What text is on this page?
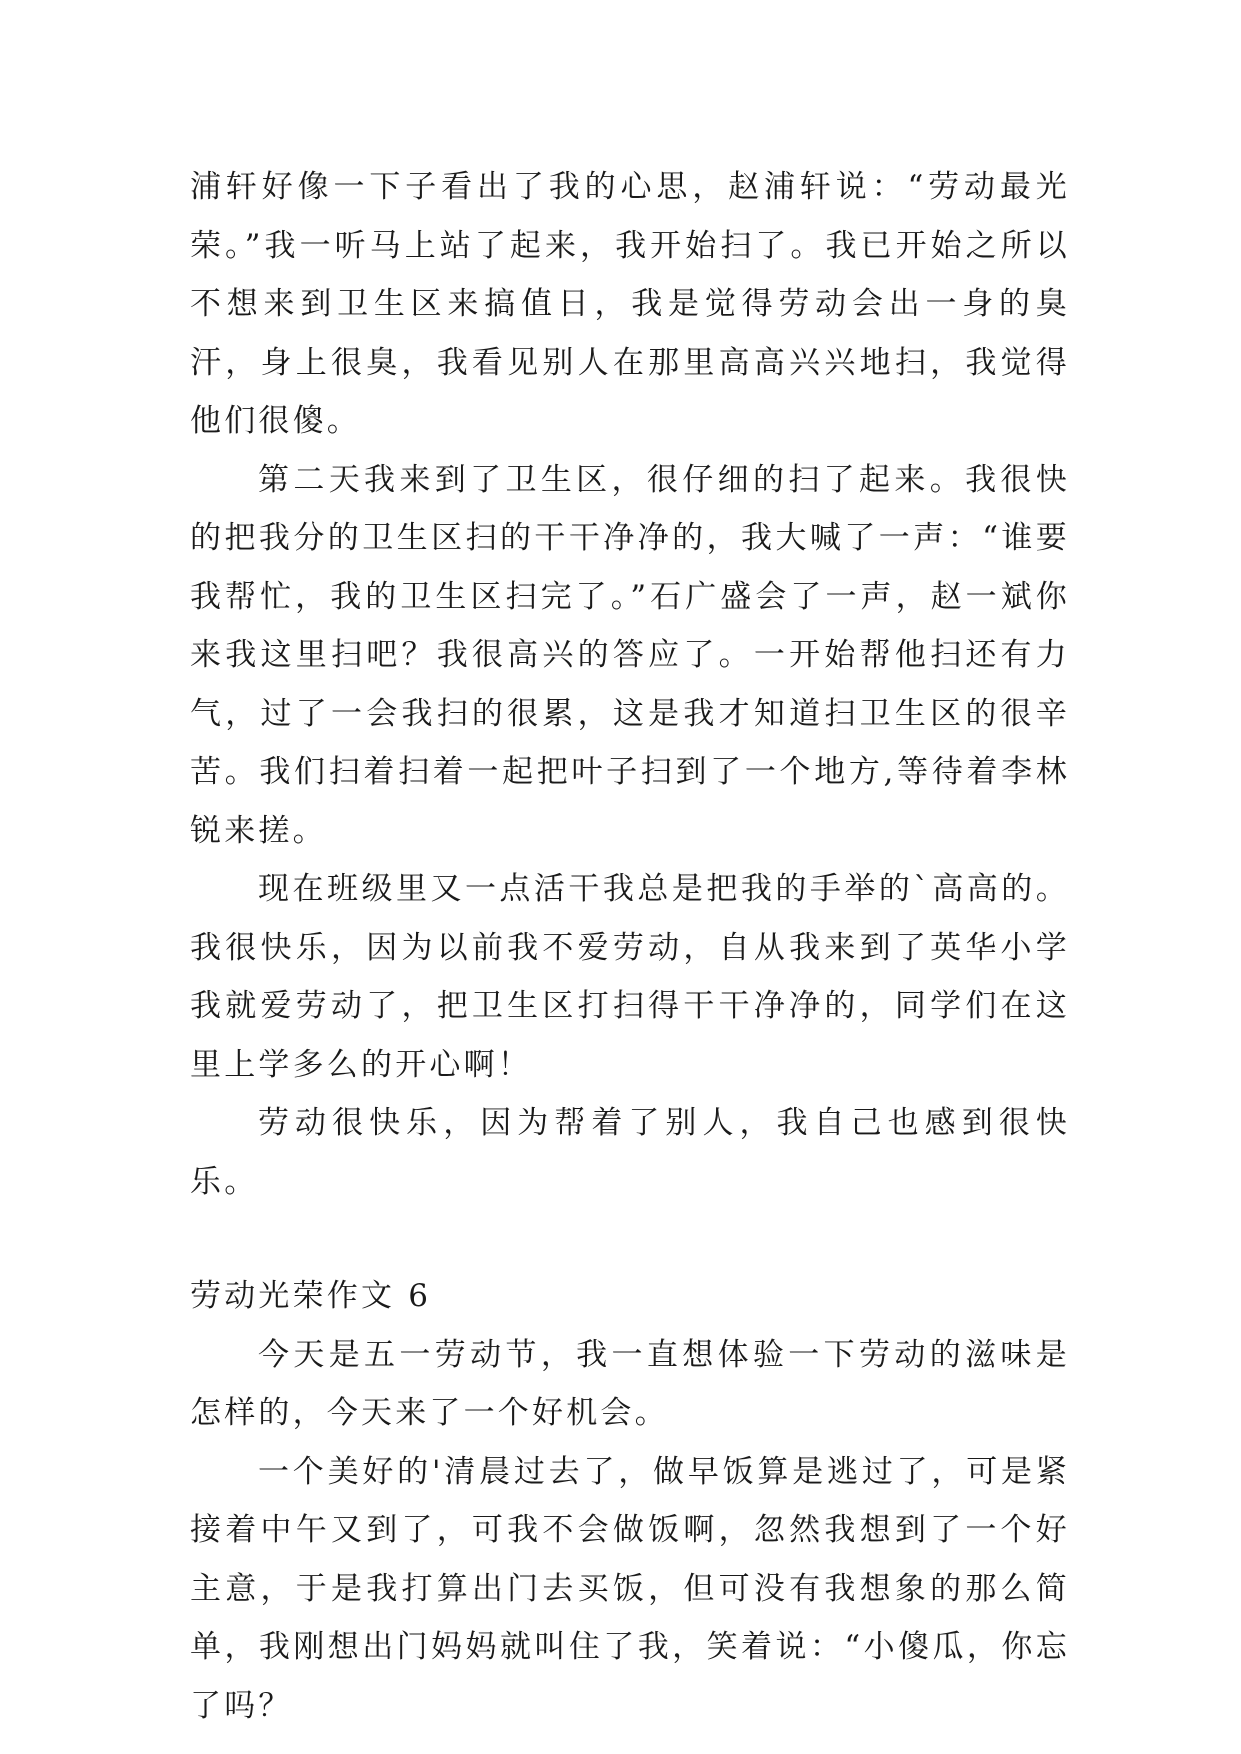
浦轩好像一下子看出了我的心思，赵浦轩说：“劳动最光荣。”我一听马上站了起来，我开始扫了。我已开始之所以不想来到卫生区来搞值日，我是觉得劳动会出一身的臭汗，身上很臭，我看见别人在那里高高兴兴地扫，我觉得他们很傻。

第二天我来到了卫生区，很仔细的扫了起来。我很快的把我分的卫生区扫的干干净净的，我大喊了一声：“谁要我帮忙，我的卫生区扫完了。”石广盛会了一声，赵一斌你来我这里扫吧？我很高兴的答应了。一开始帮他扫还有力气，过了一会我扫的很累，这是我才知道扫卫生区的很辛苦。我们扫着扫着一起把叶子扫到了一个地方,等待着李林锐来搓。

现在班级里又一点活干我总是把我的手举的`高高的。我很快乐，因为以前我不爱劳动，自从我来到了英华小学我就爱劳动了，把卫生区打扫得干干净净的，同学们在这里上学多么的开心啊！

劳动很快乐，因为帮着了别人，我自己也感到很快乐。

劳动光荣作文 6

今天是五一劳动节，我一直想体验一下劳动的滋味是怎样的，今天来了一个好机会。

一个美好的'清晨过去了，做早饭算是逃过了，可是紧接着中午又到了，可我不会做饭啊，忽然我想到了一个好主意，于是我打算出门去买饭，但可没有我想象的那么简单，我刚想出门妈妈就叫住了我，笑着说：“小傻瓜，你忘了吗？
